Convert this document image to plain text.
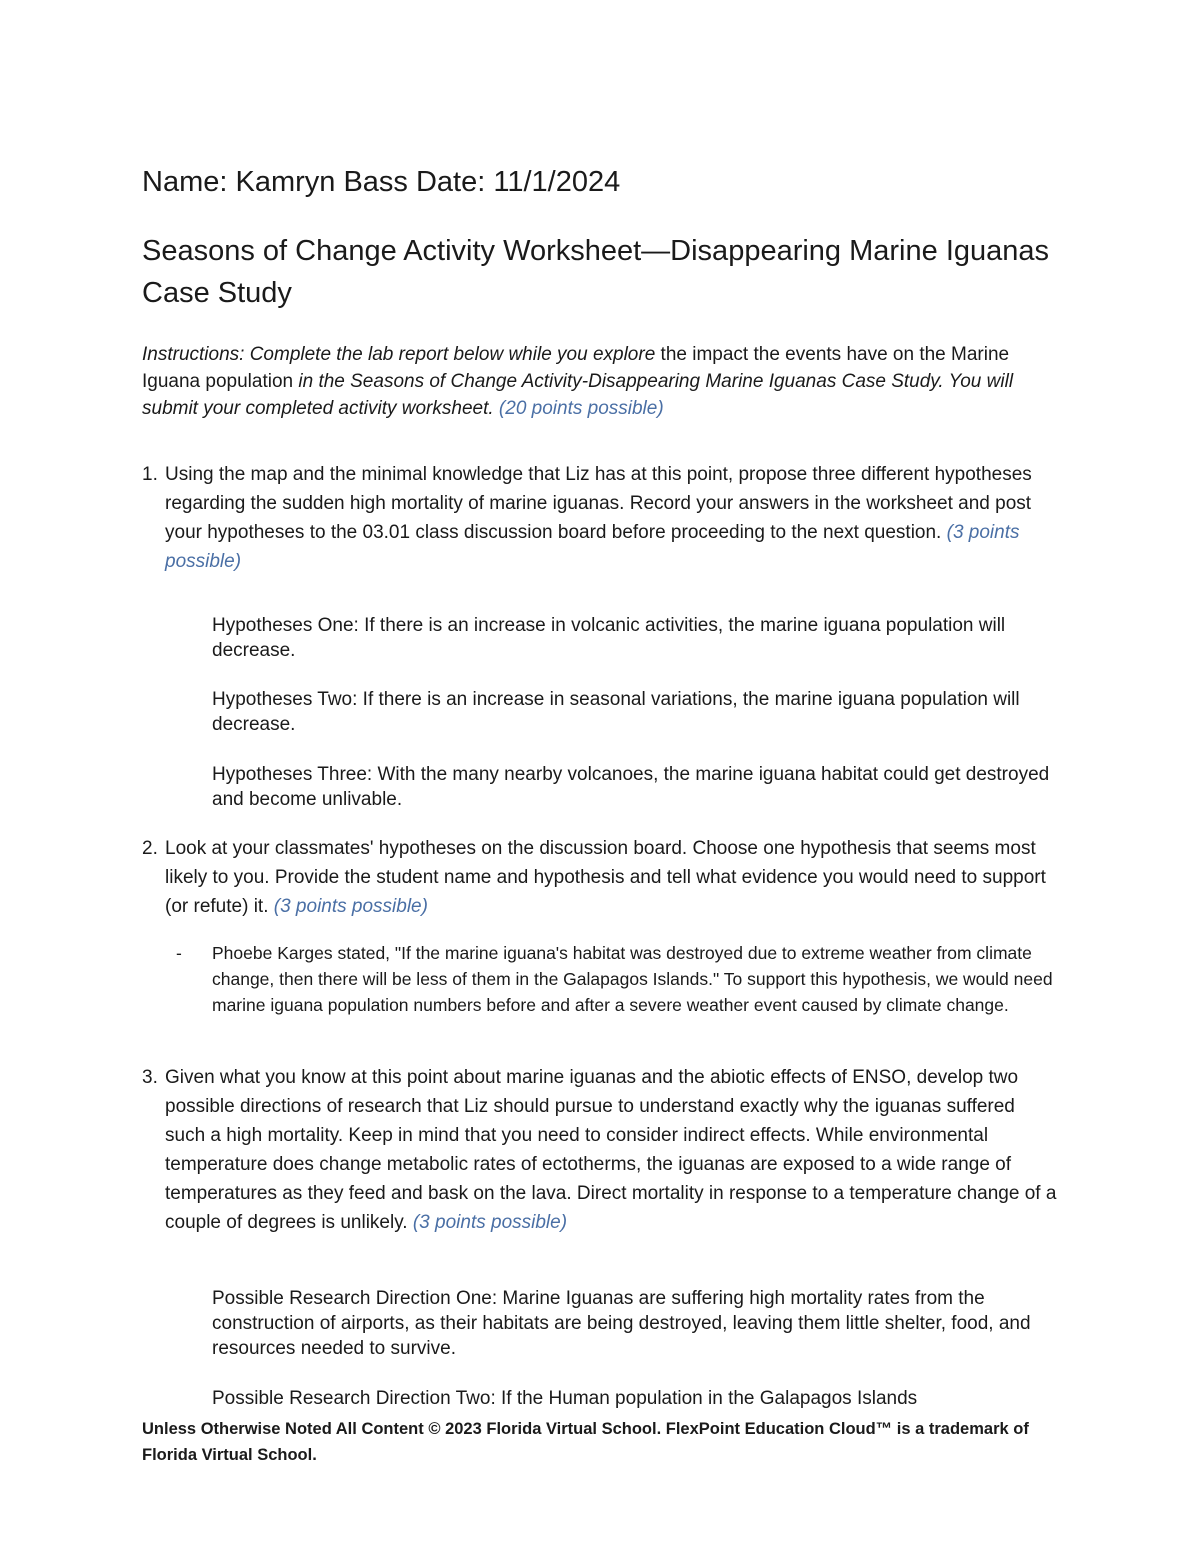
Name: Kamryn Bass Date: 11/1/2024
Seasons of Change Activity Worksheet—Disappearing Marine Iguanas Case Study

Instructions: Complete the lab report below while you explore the impact the events have on the Marine Iguana population in the Seasons of Change Activity-Disappearing Marine Iguanas Case Study. You will submit your completed activity worksheet. (20 points possible)

1. Using the map and the minimal knowledge that Liz has at this point, propose three different hypotheses regarding the sudden high mortality of marine iguanas. Record your answers in the worksheet and post your hypotheses to the 03.01 class discussion board before proceeding to the next question. (3 points possible)

Hypotheses One: If there is an increase in volcanic activities, the marine iguana population will decrease.

Hypotheses Two: If there is an increase in seasonal variations, the marine iguana population will decrease.

Hypotheses Three: With the many nearby volcanoes, the marine iguana habitat could get destroyed and become unlivable.

2. Look at your classmates' hypotheses on the discussion board. Choose one hypothesis that seems most likely to you. Provide the student name and hypothesis and tell what evidence you would need to support (or refute) it. (3 points possible)

- Phoebe Karges stated, "If the marine iguana's habitat was destroyed due to extreme weather from climate change, then there will be less of them in the Galapagos Islands." To support this hypothesis, we would need marine iguana population numbers before and after a severe weather event caused by climate change.

3. Given what you know at this point about marine iguanas and the abiotic effects of ENSO, develop two possible directions of research that Liz should pursue to understand exactly why the iguanas suffered such a high mortality. Keep in mind that you need to consider indirect effects. While environmental temperature does change metabolic rates of ectotherms, the iguanas are exposed to a wide range of temperatures as they feed and bask on the lava. Direct mortality in response to a temperature change of a couple of degrees is unlikely. (3 points possible)

Possible Research Direction One: Marine Iguanas are suffering high mortality rates from the construction of airports, as their habitats are being destroyed, leaving them little shelter, food, and resources needed to survive.

Possible Research Direction Two: If the Human population in the Galapagos Islands

Unless Otherwise Noted All Content © 2023 Florida Virtual School. FlexPoint Education Cloud™ is a trademark of Florida Virtual School.
